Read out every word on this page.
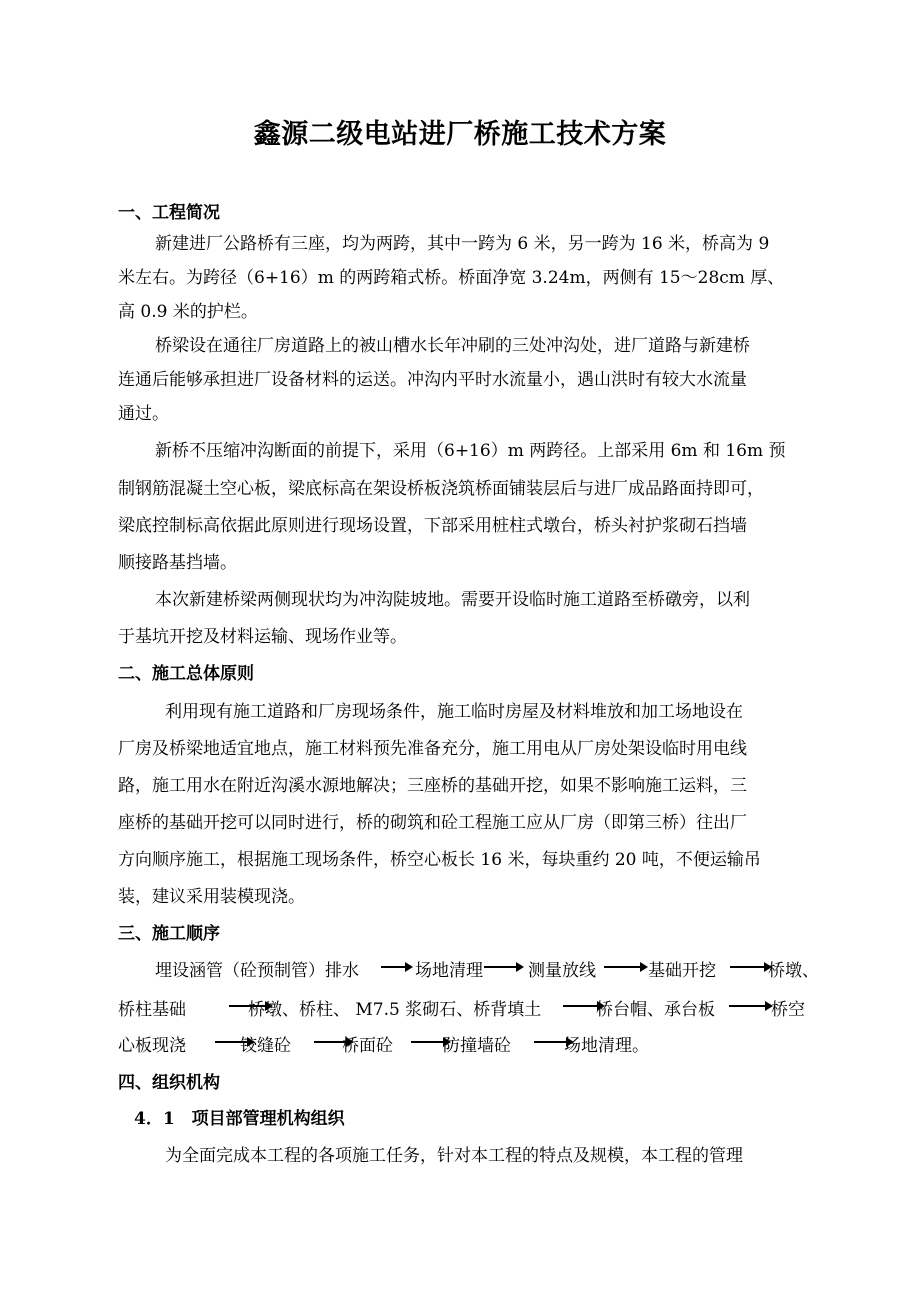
鑫源二级电站进厂桥施工技术方案
一、工程简况
新建进厂公路桥有三座，均为两跨，其中一跨为 6 米，另一跨为 16 米，桥高为 9
米左右。为跨径（6+16）m 的两跨箱式桥。桥面净宽 3.24m，两侧有 15～28cm 厚、
高 0.9 米的护栏。
桥梁设在通往厂房道路上的被山槽水长年冲刷的三处冲沟处，进厂道路与新建桥
连通后能够承担进厂设备材料的运送。冲沟内平时水流量小，遇山洪时有较大水流量
通过。
新桥不压缩冲沟断面的前提下，采用（6+16）m 两跨径。上部采用 6m 和 16m 预
制钢筋混凝土空心板，梁底标高在架设桥板浇筑桥面铺装层后与进厂成品路面持即可，
梁底控制标高依据此原则进行现场设置，下部采用桩柱式墩台，桥头衬护浆砌石挡墙
顺接路基挡墙。
本次新建桥梁两侧现状均为冲沟陡坡地。需要开设临时施工道路至桥礅旁，以利
于基坑开挖及材料运输、现场作业等。
二、施工总体原则
利用现有施工道路和厂房现场条件，施工临时房屋及材料堆放和加工场地设在
厂房及桥梁地适宜地点，施工材料预先准备充分，施工用电从厂房处架设临时用电线
路，施工用水在附近沟溪水源地解决；三座桥的基础开挖，如果不影响施工运料，三
座桥的基础开挖可以同时进行，桥的砌筑和砼工程施工应从厂房（即第三桥）往出厂
方向顺序施工，根据施工现场条件，桥空心板长 16 米，每块重约 20 吨，不便运输吊
装，建议采用装模现浇。
三、施工顺序
埋设涵管（砼预制管）排水	场地清理	测量放线	基础开挖	桥墩、
桥柱基础	桥墩、桥柱、 M7.5 浆砌石、桥背填土	桥台帽、承台板	桥空
心板现浇	铰缝砼	桥面砼	防撞墙砼	场地清理。
四、组织机构
4．1　项目部管理机构组织
为全面完成本工程的各项施工任务，针对本工程的特点及规模，本工程的管理
